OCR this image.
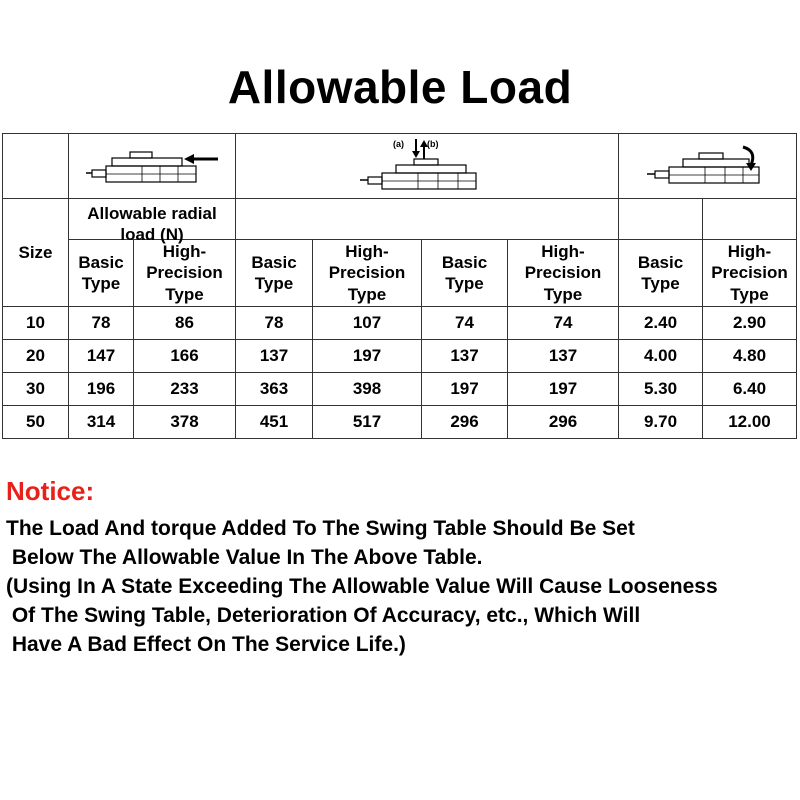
Allowable Load

(a) (b)

Size	Allowable radial
load (N)							

	Basic
Type	High-
Precision
Type	Basic
Type	High-
Precision
Type	Basic
Type	High-
Precision
Type	Basic
Type	High-
Precision
Type

10	78	86	78	107	74	74	2.40	2.90
20	147	166	137	197	137	137	4.00	4.80
30	196	233	363	398	197	197	5.30	6.40
50	314	378	451	517	296	296	9.70	12.00
Notice:
The Load And torque Added To The Swing Table Should Be Set
Below The Allowable Value In The Above Table.
(Using In A State Exceeding The Allowable Value Will Cause Looseness
Of The Swing Table, Deterioration Of Accuracy, etc., Which Will
Have A Bad Effect On The Service Life.)
